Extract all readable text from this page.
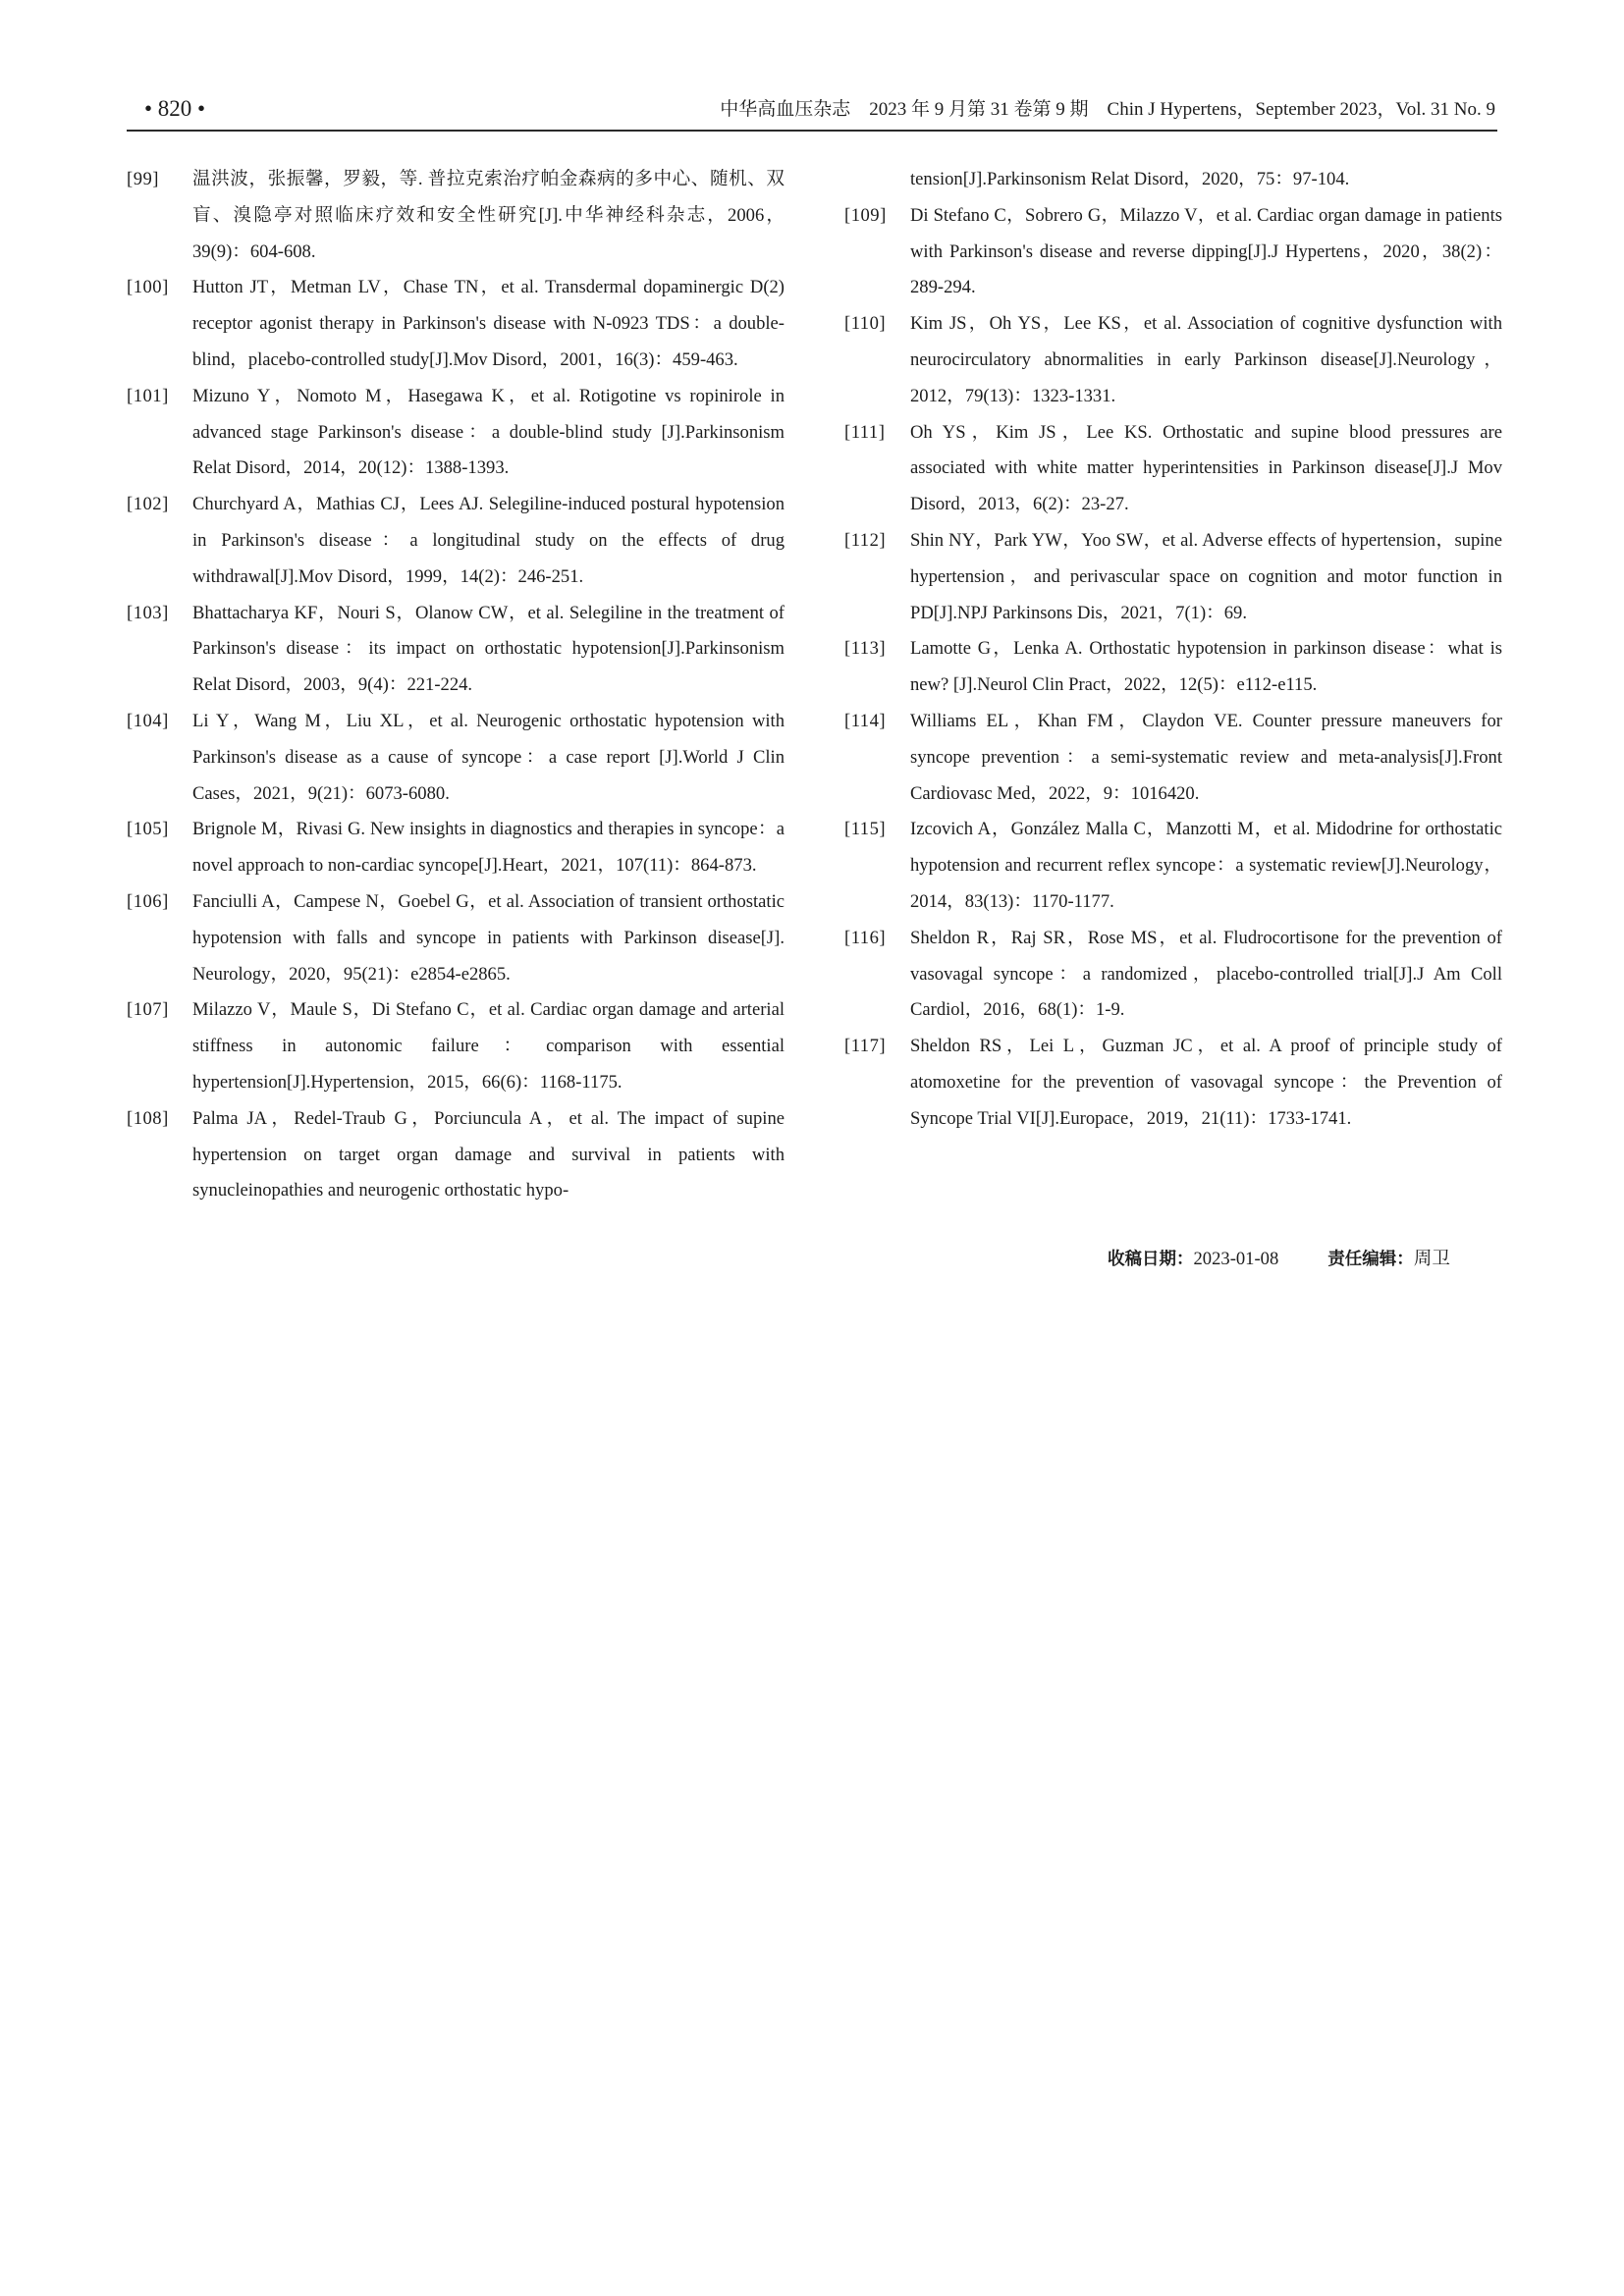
• 820 •	中华高血压杂志　2023 年 9 月第 31 卷第 9 期　Chin J Hypertens，September 2023，Vol. 31 No. 9

[99] 温洪波，张振馨，罗毅，等. 普拉克索治疗帕金森病的多中心、随机、双盲、溴隐亭对照临床疗效和安全性研究[J].中华神经科杂志，2006，39(9)：604-608.

[100] Hutton JT，Metman LV，Chase TN，et al. Transdermal dopaminergic D(2) receptor agonist therapy in Parkinson's disease with N-0923 TDS：a double-blind，placebo-controlled study[J].Mov Disord，2001，16(3)：459-463.

[101] Mizuno Y，Nomoto M，Hasegawa K，et al. Rotigotine vs ropinirole in advanced stage Parkinson's disease：a double-blind study [J].Parkinsonism Relat Disord，2014，20(12)：1388-1393.

[102] Churchyard A，Mathias CJ，Lees AJ. Selegiline-induced postural hypotension in Parkinson's disease：a longitudinal study on the effects of drug withdrawal[J].Mov Disord，1999，14(2)：246-251.

[103] Bhattacharya KF，Nouri S，Olanow CW，et al. Selegiline in the treatment of Parkinson's disease：its impact on orthostatic hypotension[J].Parkinsonism Relat Disord，2003，9(4)：221-224.

[104] Li Y，Wang M，Liu XL，et al. Neurogenic orthostatic hypotension with Parkinson's disease as a cause of syncope：a case report [J].World J Clin Cases，2021，9(21)：6073-6080.

[105] Brignole M，Rivasi G. New insights in diagnostics and therapies in syncope：a novel approach to non-cardiac syncope[J].Heart，2021，107(11)：864-873.

[106] Fanciulli A，Campese N，Goebel G，et al. Association of transient orthostatic hypotension with falls and syncope in patients with Parkinson disease[J]. Neurology，2020，95(21)：e2854-e2865.

[107] Milazzo V，Maule S，Di Stefano C，et al. Cardiac organ damage and arterial stiffness in autonomic failure：comparison with essential hypertension[J].Hypertension，2015，66(6)：1168-1175.

[108] Palma JA，Redel-Traub G，Porciuncula A，et al. The impact of supine hypertension on target organ damage and survival in patients with synucleinopathies and neurogenic orthostatic hypo-

tension[J].Parkinsonism Relat Disord，2020，75：97-104.

[109] Di Stefano C，Sobrero G，Milazzo V，et al. Cardiac organ damage in patients with Parkinson's disease and reverse dipping[J].J Hypertens，2020，38(2)：289-294.

[110] Kim JS，Oh YS，Lee KS，et al. Association of cognitive dysfunction with neurocirculatory abnormalities in early Parkinson disease[J].Neurology，2012，79(13)：1323-1331.

[111] Oh YS，Kim JS，Lee KS. Orthostatic and supine blood pressures are associated with white matter hyperintensities in Parkinson disease[J].J Mov Disord，2013，6(2)：23-27.

[112] Shin NY，Park YW，Yoo SW，et al. Adverse effects of hypertension，supine hypertension，and perivascular space on cognition and motor function in PD[J].NPJ Parkinsons Dis，2021，7(1)：69.

[113] Lamotte G，Lenka A. Orthostatic hypotension in parkinson disease：what is new? [J].Neurol Clin Pract，2022，12(5)：e112-e115.

[114] Williams EL，Khan FM，Claydon VE. Counter pressure maneuvers for syncope prevention：a semi-systematic review and meta-analysis[J].Front Cardiovasc Med，2022，9：1016420.

[115] Izcovich A，González Malla C，Manzotti M，et al. Midodrine for orthostatic hypotension and recurrent reflex syncope：a systematic review[J].Neurology，2014，83(13)：1170-1177.

[116] Sheldon R，Raj SR，Rose MS，et al. Fludrocortisone for the prevention of vasovagal syncope：a randomized，placebo-controlled trial[J].J Am Coll Cardiol，2016，68(1)：1-9.

[117] Sheldon RS，Lei L，Guzman JC，et al. A proof of principle study of atomoxetine for the prevention of vasovagal syncope：the Prevention of Syncope Trial VI[J].Europace，2019，21(11)：1733-1741.

收稿日期：2023-01-08	责任编辑：周卫
